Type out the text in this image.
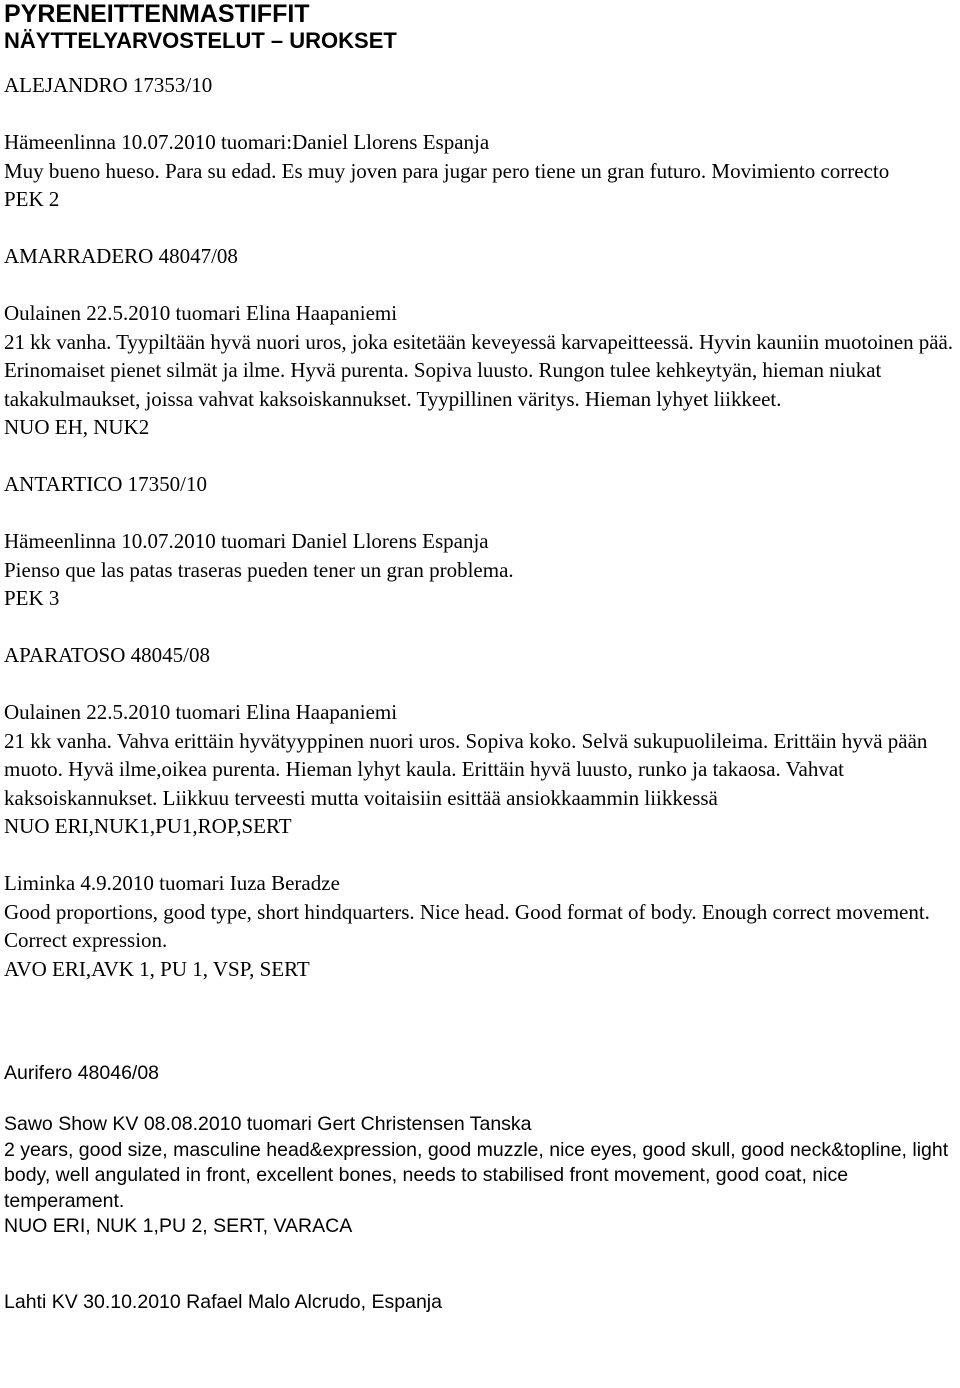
PYRENEITTENMASTIFFIT
NÄYTTELYARVOSTELUT – UROKSET

ALEJANDRO 17353/10

Hämeenlinna 10.07.2010 tuomari:Daniel Llorens Espanja

Muy bueno hueso. Para su edad. Es muy joven para jugar pero tiene un gran futuro. Movimiento correcto

PEK 2

AMARRADERO 48047/08

Oulainen 22.5.2010 tuomari Elina Haapaniemi

21 kk vanha. Tyypiltään hyvä nuori uros, joka esitetään keveyessä karvapeitteessä. Hyvin kauniin muotoinen pää. Erinomaiset pienet silmät ja ilme. Hyvä purenta. Sopiva luusto. Rungon tulee kehkeytyän, hieman niukat takakulmaukset, joissa vahvat kaksoiskannukset. Tyypillinen väritys. Hieman lyhyet liikkeet.

NUO EH, NUK2

ANTARTICO 17350/10

Hämeenlinna 10.07.2010 tuomari Daniel Llorens Espanja

Pienso que las patas traseras pueden tener un gran problema.

PEK 3

APARATOSO 48045/08

Oulainen 22.5.2010 tuomari Elina Haapaniemi

21 kk vanha. Vahva erittäin hyvätyyppinen nuori uros. Sopiva koko. Selvä sukupuolileima. Erittäin hyvä pään muoto. Hyvä ilme,oikea purenta. Hieman lyhyt kaula. Erittäin hyvä luusto, runko ja takaosa. Vahvat kaksoiskannukset. Liikkuu terveesti mutta voitaisiin esittää ansiokkaammin liikkessä

NUO ERI,NUK1,PU1,ROP,SERT

Liminka 4.9.2010 tuomari Iuza Beradze

Good proportions, good type, short hindquarters. Nice head. Good format of body. Enough correct movement. Correct expression.

AVO ERI,AVK 1, PU 1, VSP, SERT

Aurifero 48046/08

Sawo Show KV 08.08.2010 tuomari Gert Christensen Tanska

2 years, good size, masculine head&expression, good muzzle, nice eyes, good skull, good neck&topline, light body, well angulated in front, excellent bones, needs to stabilised front movement, good coat, nice temperament.

NUO ERI, NUK 1,PU 2, SERT, VARACA

Lahti KV 30.10.2010 Rafael Malo Alcrudo, Espanja
